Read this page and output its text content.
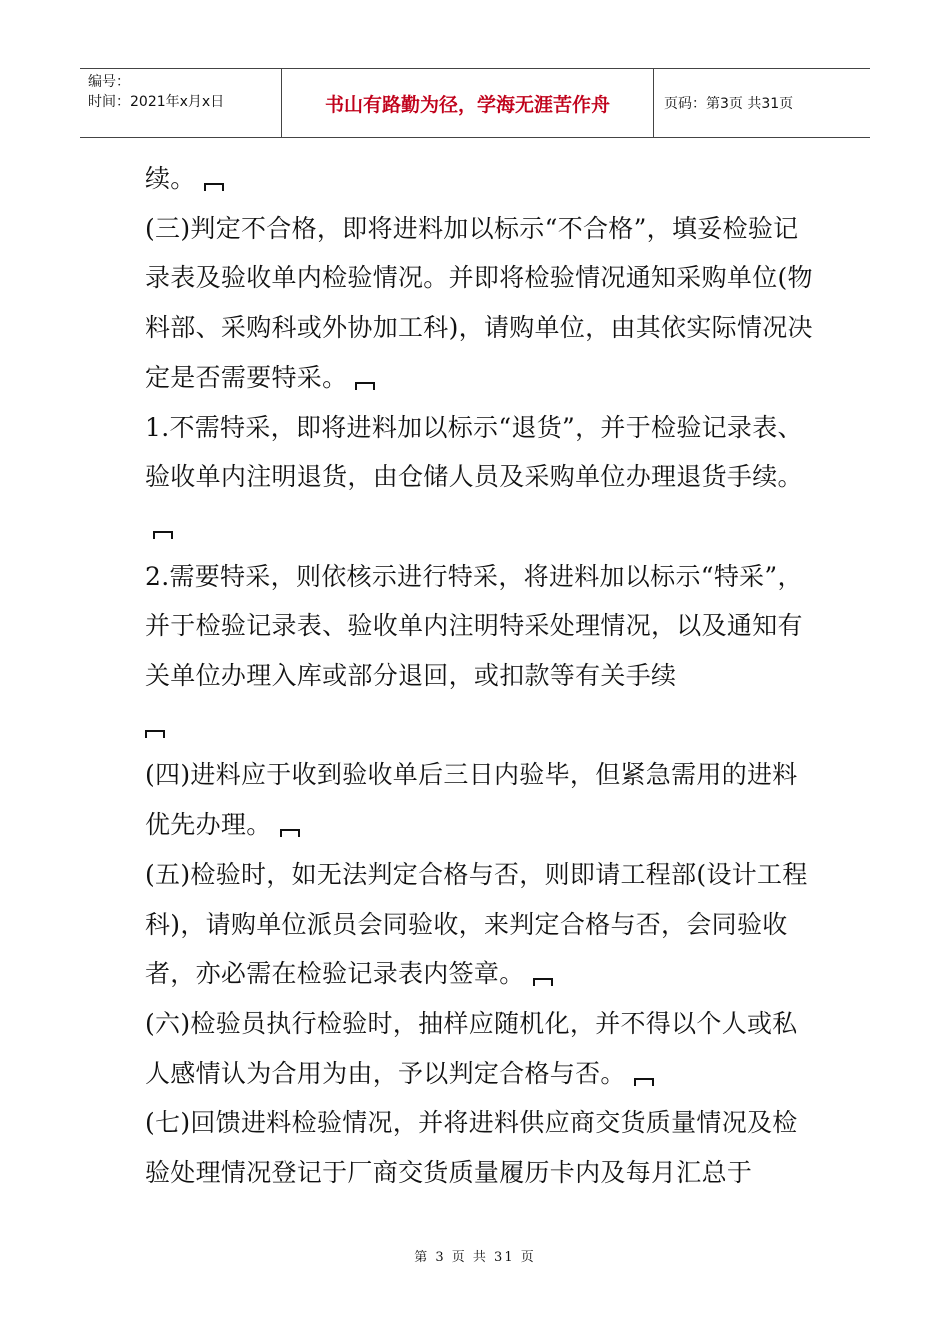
编号：
时间：2021年x月x日	书山有路勤为径，学海无涯苦作舟	页码：第3页 共31页

续。

(三)判定不合格，即将进料加以标示“不合格”，填妥检验记录表及验收单内检验情况。并即将检验情况通知采购单位(物料部、采购科或外协加工科)，请购单位，由其依实际情况决定是否需要特采。

1.不需特采，即将进料加以标示“退货”，并于检验记录表、验收单内注明退货，由仓储人员及采购单位办理退货手续。

2.需要特采，则依核示进行特采，将进料加以标示“特采”，并于检验记录表、验收单内注明特采处理情况，以及通知有关单位办理入库或部分退回，或扣款等有关手续

(四)进料应于收到验收单后三日内验毕，但紧急需用的进料优先办理。

(五)检验时，如无法判定合格与否，则即请工程部(设计工程科)，请购单位派员会同验收，来判定合格与否，会同验收者，亦必需在检验记录表内签章。

(六)检验员执行检验时，抽样应随机化，并不得以个人或私人感情认为合用为由，予以判定合格与否。

(七)回馈进料检验情况，并将进料供应商交货质量情况及检验处理情况登记于厂商交货质量履历卡内及每月汇总于

第 3 页 共 31 页
